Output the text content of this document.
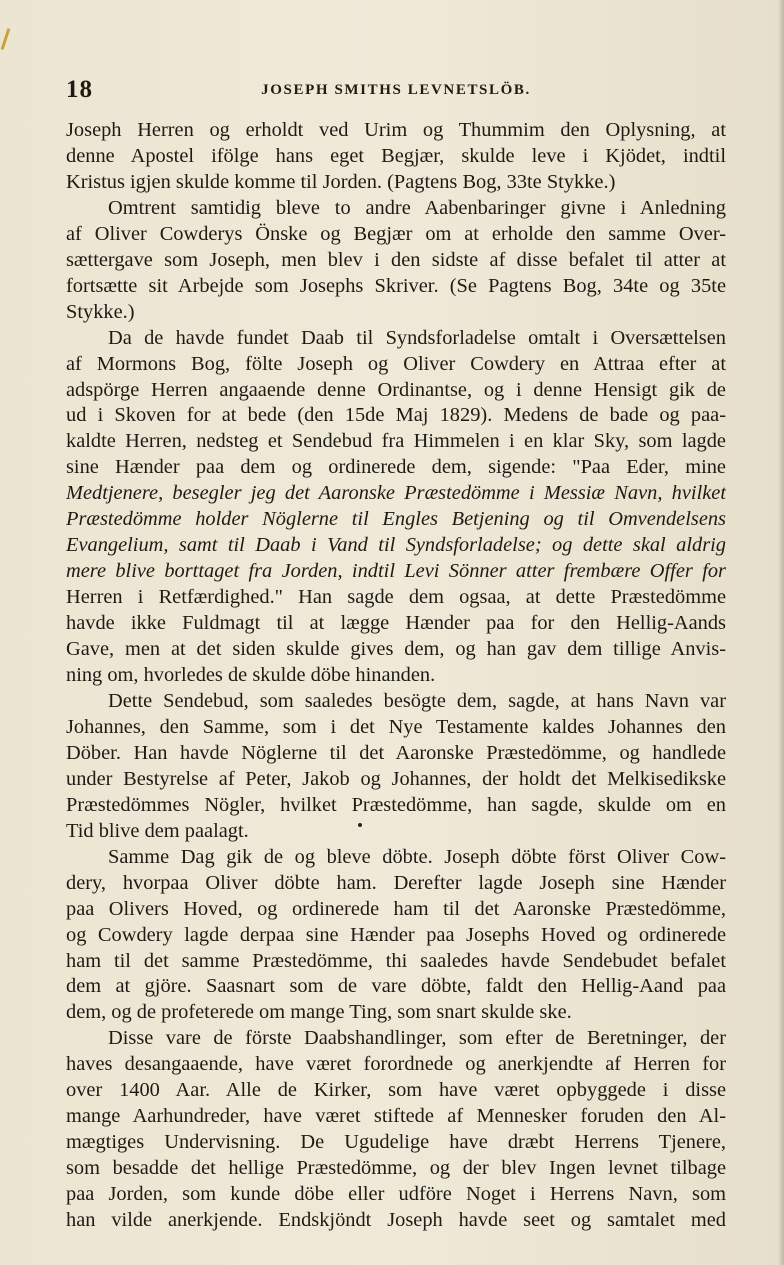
18	JOSEPH SMITHS LEVNETSLÖB.
Joseph Herren og erholdt ved Urim og Thummim den Oplysning, at
denne Apostel ifölge hans eget Begjær, skulde leve i Kjödet, indtil
Kristus igjen skulde komme til Jorden. (Pagtens Bog, 33te Stykke.)
Omtrent samtidig bleve to andre Aabenbaringer givne i Anledning
af Oliver Cowderys Önske og Begjær om at erholde den samme Over-
sættergave som Joseph, men blev i den sidste af disse befalet til atter at
fortsætte sit Arbejde som Josephs Skriver. (Se Pagtens Bog, 34te og 35te
Stykke.)
Da de havde fundet Daab til Syndsforladelse omtalt i Oversættelsen
af Mormons Bog, fölte Joseph og Oliver Cowdery en Attraa efter at
adspörge Herren angaaende denne Ordinantse, og i denne Hensigt gik de
ud i Skoven for at bede (den 15de Maj 1829). Medens de bade og paa-
kaldte Herren, nedsteg et Sendebud fra Himmelen i en klar Sky, som lagde
sine Hænder paa dem og ordinerede dem, sigende: "Paa Eder, mine
Medtjenere, besegler jeg det Aaronske Præstedömme i Messiæ Navn, hvilket
Præstedömme holder Nöglerne til Engles Betjening og til Omvendelsens
Evangelium, samt til Daab i Vand til Syndsforladelse; og dette skal aldrig
mere blive borttaget fra Jorden, indtil Levi Sönner atter frembære Offer for
Herren i Retfærdighed." Han sagde dem ogsaa, at dette Præstedömme
havde ikke Fuldmagt til at lægge Hænder paa for den Hellig-Aands
Gave, men at det siden skulde gives dem, og han gav dem tillige Anvis-
ning om, hvorledes de skulde döbe hinanden.
Dette Sendebud, som saaledes besögte dem, sagde, at hans Navn var
Johannes, den Samme, som i det Nye Testamente kaldes Johannes den
Döber. Han havde Nöglerne til det Aaronske Præstedömme, og handlede
under Bestyrelse af Peter, Jakob og Johannes, der holdt det Melkisedikske
Præstedömmes Nögler, hvilket Præstedömme, han sagde, skulde om en
Tid blive dem paalagt.
Samme Dag gik de og bleve döbte. Joseph döbte först Oliver Cow-
dery, hvorpaa Oliver döbte ham. Derefter lagde Joseph sine Hænder
paa Olivers Hoved, og ordinerede ham til det Aaronske Præstedömme,
og Cowdery lagde derpaa sine Hænder paa Josephs Hoved og ordinerede
ham til det samme Præstedömme, thi saaledes havde Sendebudet befalet
dem at gjöre. Saasnart som de vare döbte, faldt den Hellig-Aand paa
dem, og de profeterede om mange Ting, som snart skulde ske.
Disse vare de förste Daabshandlinger, som efter de Beretninger, der
haves desangaaende, have været forordnede og anerkjendte af Herren for
over 1400 Aar. Alle de Kirker, som have været opbyggede i disse
mange Aarhundreder, have været stiftede af Mennesker foruden den Al-
mægtiges Undervisning. De Ugudelige have dræbt Herrens Tjenere,
som besadde det hellige Præstedömme, og der blev Ingen levnet tilbage
paa Jorden, som kunde döbe eller udföre Noget i Herrens Navn, som
han vilde anerkjende. Endskjöndt Joseph havde seet og samtalet med
